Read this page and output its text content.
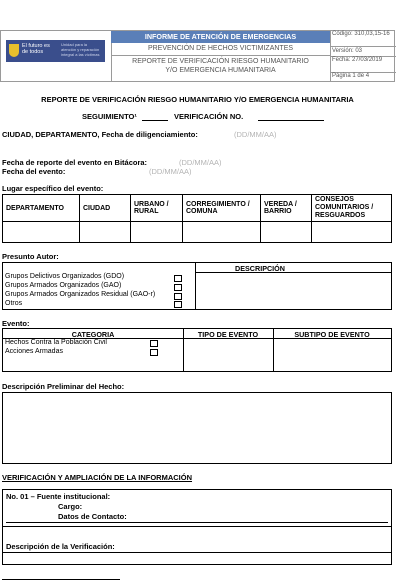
El futuro es de todos
Unidad para la atención y reparación integral a las víctimas
INFORME DE ATENCIÓN DE EMERGENCIAS
PREVENCIÓN DE HECHOS VICTIMIZANTES
REPORTE DE VERIFICACIÓN RIESGO HUMANITARIO
Y/O EMERGENCIA HUMANITARIA
Código: 310,03,15-16
Versión: 03
Fecha: 27/03/2019
Página 1 de 4
REPORTE DE VERIFICACIÓN RIESGO HUMANITARIO Y/O EMERGENCIA HUMANITARIA
SEGUIMIENTO¹	VERIFICACIÓN NO.
CIUDAD, DEPARTAMENTO, Fecha de diligenciamiento:	(DD/MM/AA)
Fecha de reporte del evento en Bitácora:	(DD/MM/AA)
Fecha del evento:	(DD/MM/AA)
Lugar específico del evento:
DEPARTAMENTO	CIUDAD	URBANO / RURAL	CORREGIMIENTO / COMUNA	VEREDA / BARRIO	CONSEJOS COMUNITARIOS / RESGUARDOS

Presunto Autor:
DESCRIPCIÓN
Grupos Delictivos Organizados (GDO)
Grupos Armados Organizados (GAO)
Grupos Armados Organizados Residual (GAO-r)
Otros
Evento:
CATEGORIA	TIPO DE EVENTO	SUBTIPO DE EVENTO
Hechos Contra la Población Civil
Acciones Armadas
Descripción Preliminar del Hecho:
VERIFICACIÓN Y AMPLIACIÓN DE LA INFORMACIÓN
No. 01 – Fuente institucional:
Cargo:
Datos de Contacto:
Descripción de la Verificación:
